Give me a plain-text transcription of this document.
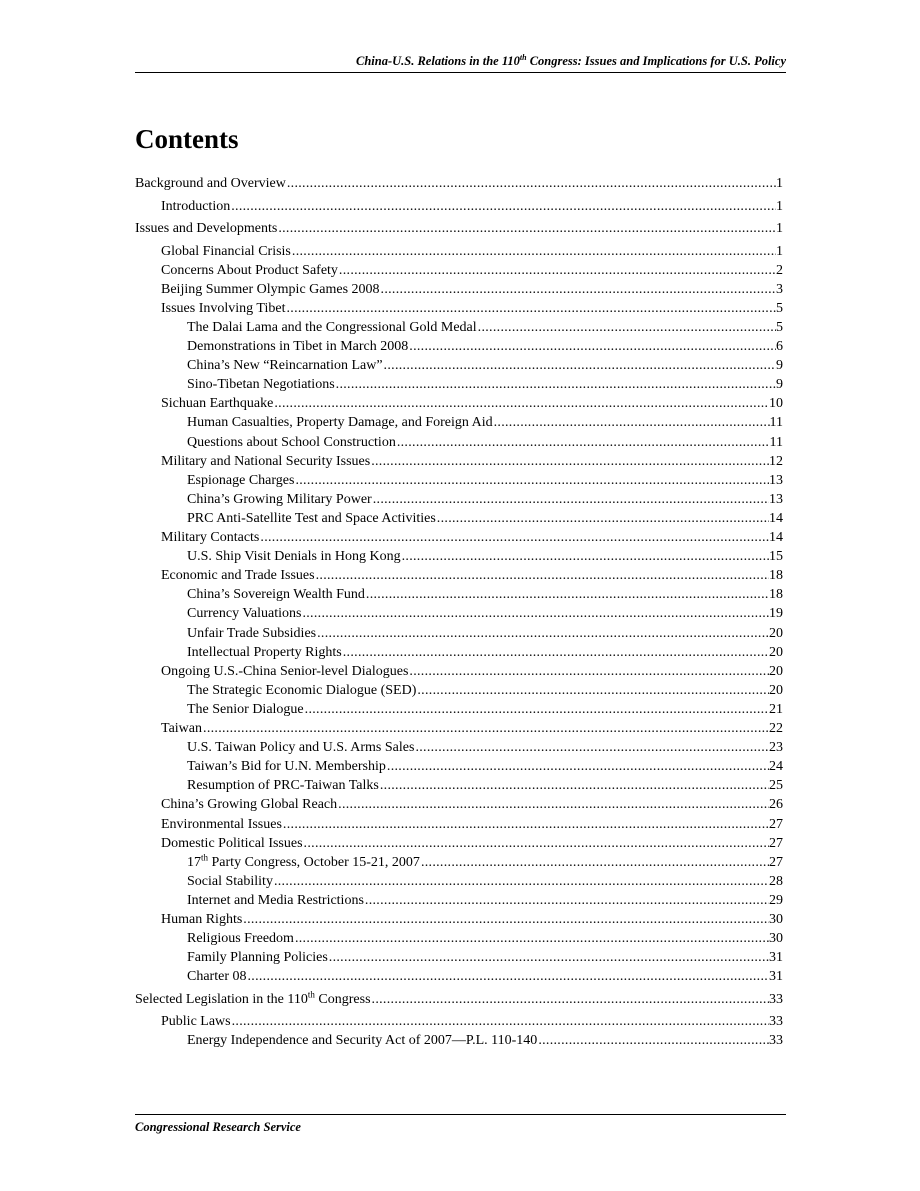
China-U.S. Relations in the 110th Congress: Issues and Implications for U.S. Policy
Contents
Background and Overview .....	1
Introduction .....	1
Issues and Developments .....	1
Global Financial Crisis .....	1
Concerns About Product Safety .....	2
Beijing Summer Olympic Games 2008 .....	3
Issues Involving Tibet .....	5
The Dalai Lama and the Congressional Gold Medal .....	5
Demonstrations in Tibet in March 2008 .....	6
China’s New “Reincarnation Law” .....	9
Sino-Tibetan Negotiations .....	9
Sichuan Earthquake .....	10
Human Casualties, Property Damage, and Foreign Aid .....	11
Questions about School Construction .....	11
Military and National Security Issues .....	12
Espionage Charges .....	13
China’s Growing Military Power .....	13
PRC Anti-Satellite Test and Space Activities .....	14
Military Contacts .....	14
U.S. Ship Visit Denials in Hong Kong .....	15
Economic and Trade Issues .....	18
China’s Sovereign Wealth Fund .....	18
Currency Valuations .....	19
Unfair Trade Subsidies .....	20
Intellectual Property Rights .....	20
Ongoing U.S.-China Senior-level Dialogues .....	20
The Strategic Economic Dialogue (SED) .....	20
The Senior Dialogue .....	21
Taiwan .....	22
U.S. Taiwan Policy and U.S. Arms Sales .....	23
Taiwan’s Bid for U.N. Membership .....	24
Resumption of PRC-Taiwan Talks .....	25
China’s Growing Global Reach .....	26
Environmental Issues .....	27
Domestic Political Issues .....	27
17th Party Congress, October 15-21, 2007 .....	27
Social Stability .....	28
Internet and Media Restrictions .....	29
Human Rights .....	30
Religious Freedom .....	30
Family Planning Policies .....	31
Charter 08 .....	31
Selected Legislation in the 110th Congress .....	33
Public Laws .....	33
Energy Independence and Security Act of 2007—P.L. 110-140 .....	33
Congressional Research Service
